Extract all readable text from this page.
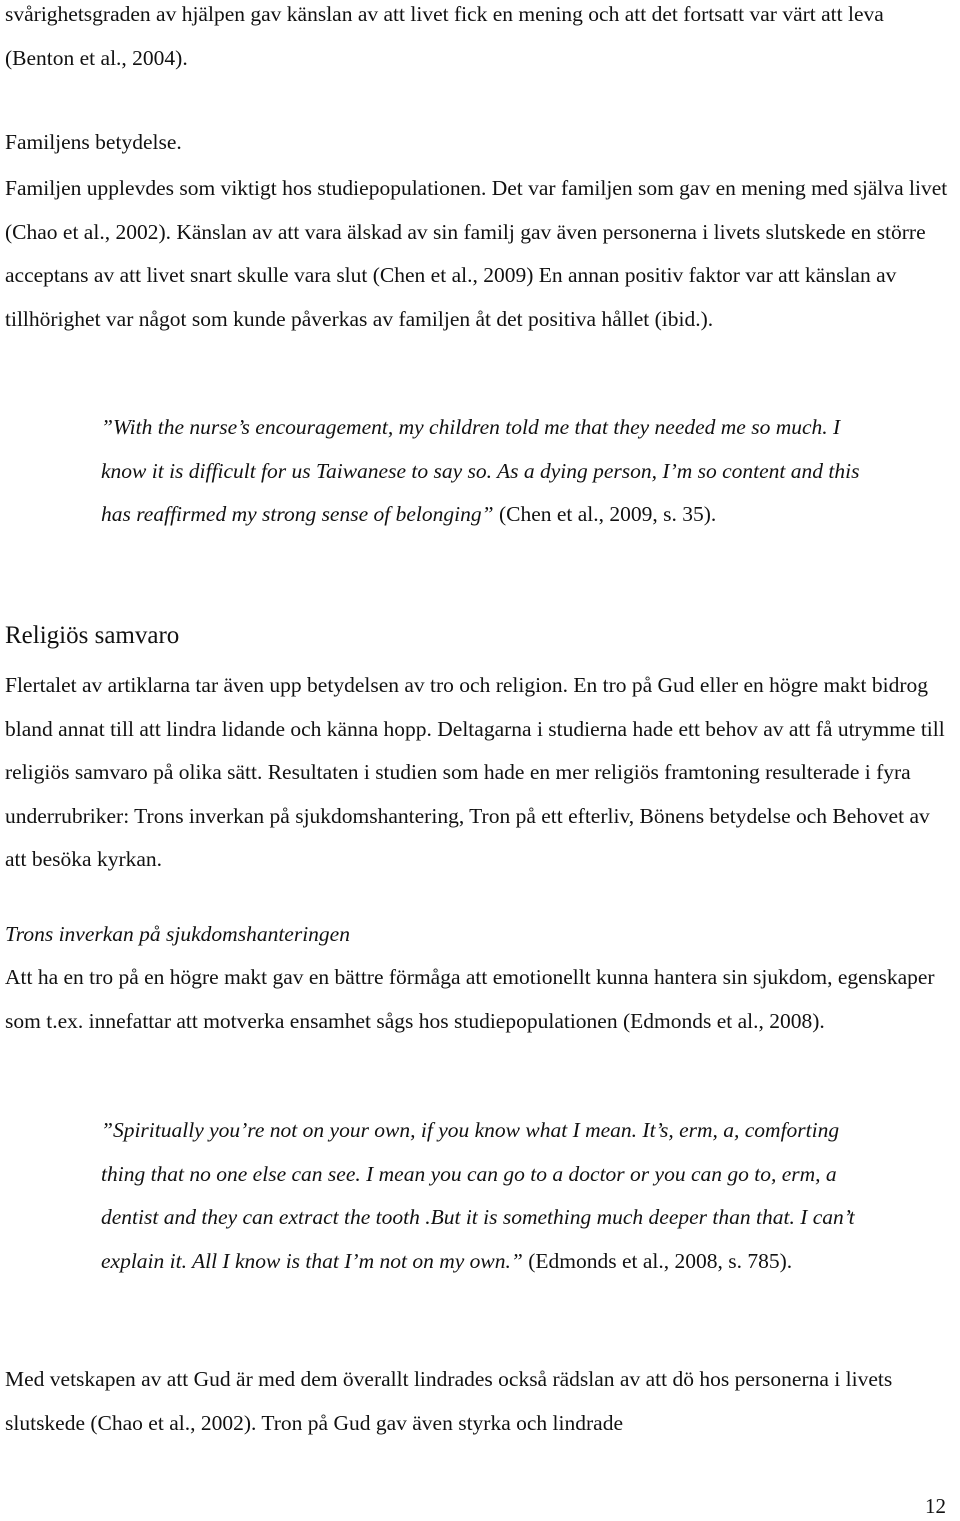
svårighetsgraden av hjälpen gav känslan av att livet fick en mening och att det fortsatt var värt att leva (Benton et al., 2004).

Familjens betydelse.

Familjen upplevdes som viktigt hos studiepopulationen. Det var familjen som gav en mening med själva livet (Chao et al., 2002). Känslan av att vara älskad av sin familj gav även personerna i livets slutskede en större acceptans av att livet snart skulle vara slut (Chen et al., 2009) En annan positiv faktor var att känslan av tillhörighet var något som kunde påverkas av familjen åt det positiva hållet (ibid.).

”With the nurse’s encouragement, my children told me that they needed me so much. I know it is difficult for us Taiwanese to say so. As a dying person, I’m so content and this has reaffirmed my strong sense of belonging” (Chen et al., 2009, s. 35).

Religiös samvaro

Flertalet av artiklarna tar även upp betydelsen av tro och religion. En tro på Gud eller en högre makt bidrog bland annat till att lindra lidande och känna hopp. Deltagarna i studierna hade ett behov av att få utrymme till religiös samvaro på olika sätt. Resultaten i studien som hade en mer religiös framtoning resulterade i fyra underrubriker: Trons inverkan på sjukdomshantering, Tron på ett efterliv, Bönens betydelse och Behovet av att besöka kyrkan.

Trons inverkan på sjukdomshanteringen

Att ha en tro på en högre makt gav en bättre förmåga att emotionellt kunna hantera sin sjukdom, egenskaper som t.ex. innefattar att motverka ensamhet sågs hos studiepopulationen (Edmonds et al., 2008).

”Spiritually you’re not on your own, if you know what I mean. It’s, erm, a, comforting thing that no one else can see. I mean you can go to a doctor or you can go to, erm, a dentist and they can extract the tooth .But it is something much deeper than that. I can’t explain it. All I know is that I’m not on my own.” (Edmonds et al., 2008, s. 785).

Med vetskapen av att Gud är med dem överallt lindrades också rädslan av att dö hos personerna i livets slutskede (Chao et al., 2002). Tron på Gud gav även styrka och lindrade

12
